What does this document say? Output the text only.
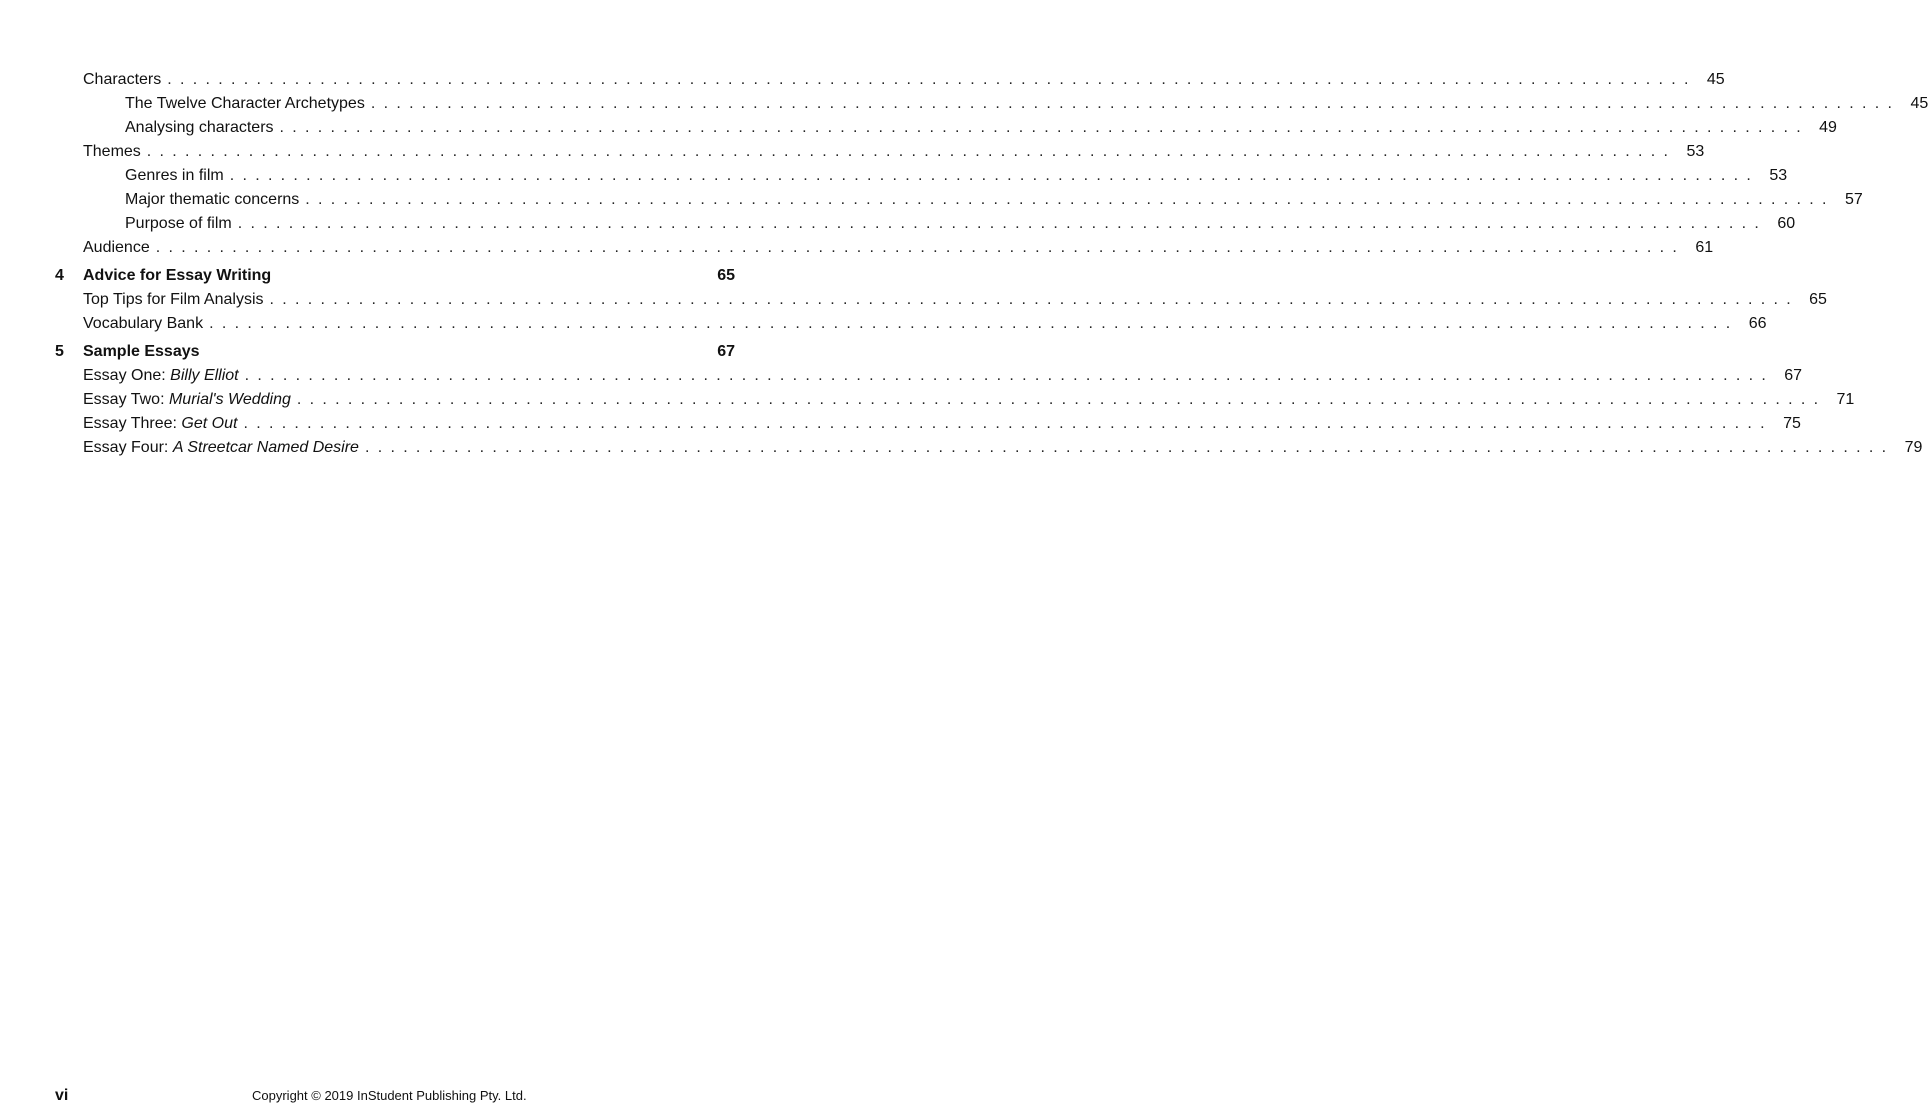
Characters ........................................................................................................................ 45
The Twelve Character Archetypes ........................................................................................................................ 45
Analysing characters ........................................................................................................................ 49
Themes ........................................................................................................................ 53
Genres in film ........................................................................................................................ 53
Major thematic concerns ........................................................................................................................ 57
Purpose of film ........................................................................................................................ 60
Audience ........................................................................................................................ 61
4 Advice for Essay Writing	65
Top Tips for Film Analysis ........................................................................................................................ 65
Vocabulary Bank ........................................................................................................................ 66
5 Sample Essays	67
Essay One: Billy Elliot ........................................................................................................................ 67
Essay Two: Murial's Wedding ........................................................................................................................ 71
Essay Three: Get Out ........................................................................................................................ 75
Essay Four: A Streetcar Named Desire ........................................................................................................................ 79
vi	Copyright © 2019 InStudent Publishing Pty. Ltd.
